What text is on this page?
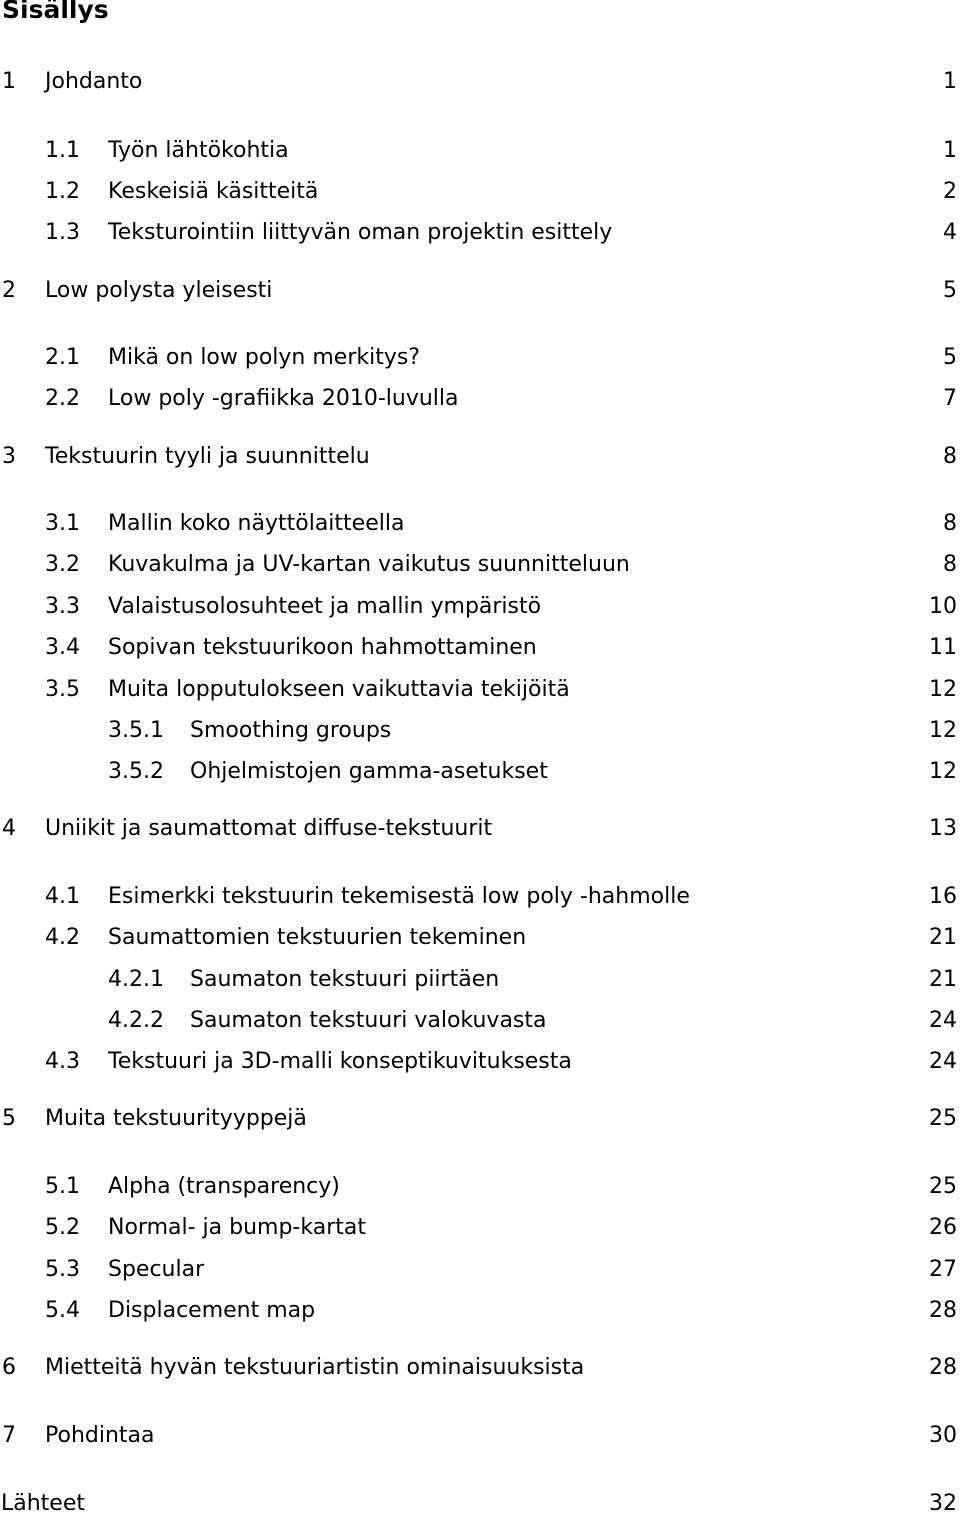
Sisällys
1 Johdanto	1
1.1 Työn lähtökohtia	1
1.2 Keskeisiä käsitteitä	2
1.3 Teksturointiin liittyvän oman projektin esittely	4
2 Low polysta yleisesti	5
2.1 Mikä on low polyn merkitys?	5
2.2 Low poly -grafiikka 2010-luvulla	7
3 Tekstuurin tyyli ja suunnittelu	8
3.1 Mallin koko näyttölaitteella	8
3.2 Kuvakulma ja UV-kartan vaikutus suunnitteluun	8
3.3 Valaistusolosuhteet ja mallin ympäristö	10
3.4 Sopivan tekstuurikoon hahmottaminen	11
3.5 Muita lopputulokseen vaikuttavia tekijöitä	12
3.5.1 Smoothing groups	12
3.5.2 Ohjelmistojen gamma-asetukset	12
4 Uniikit ja saumattomat diffuse-tekstuurit	13
4.1 Esimerkki tekstuurin tekemisestä low poly -hahmolle	16
4.2 Saumattomien tekstuurien tekeminen	21
4.2.1 Saumaton tekstuuri piirtäen	21
4.2.2 Saumaton tekstuuri valokuvasta	24
4.3 Tekstuuri ja 3D-malli konseptikuvituksesta	24
5 Muita tekstuurityyppejä	25
5.1 Alpha (transparency)	25
5.2 Normal- ja bump-kartat	26
5.3 Specular	27
5.4 Displacement map	28
6 Mietteitä hyvän tekstuuriartistin ominaisuuksista	28
7 Pohdintaa	30
Lähteet	32
